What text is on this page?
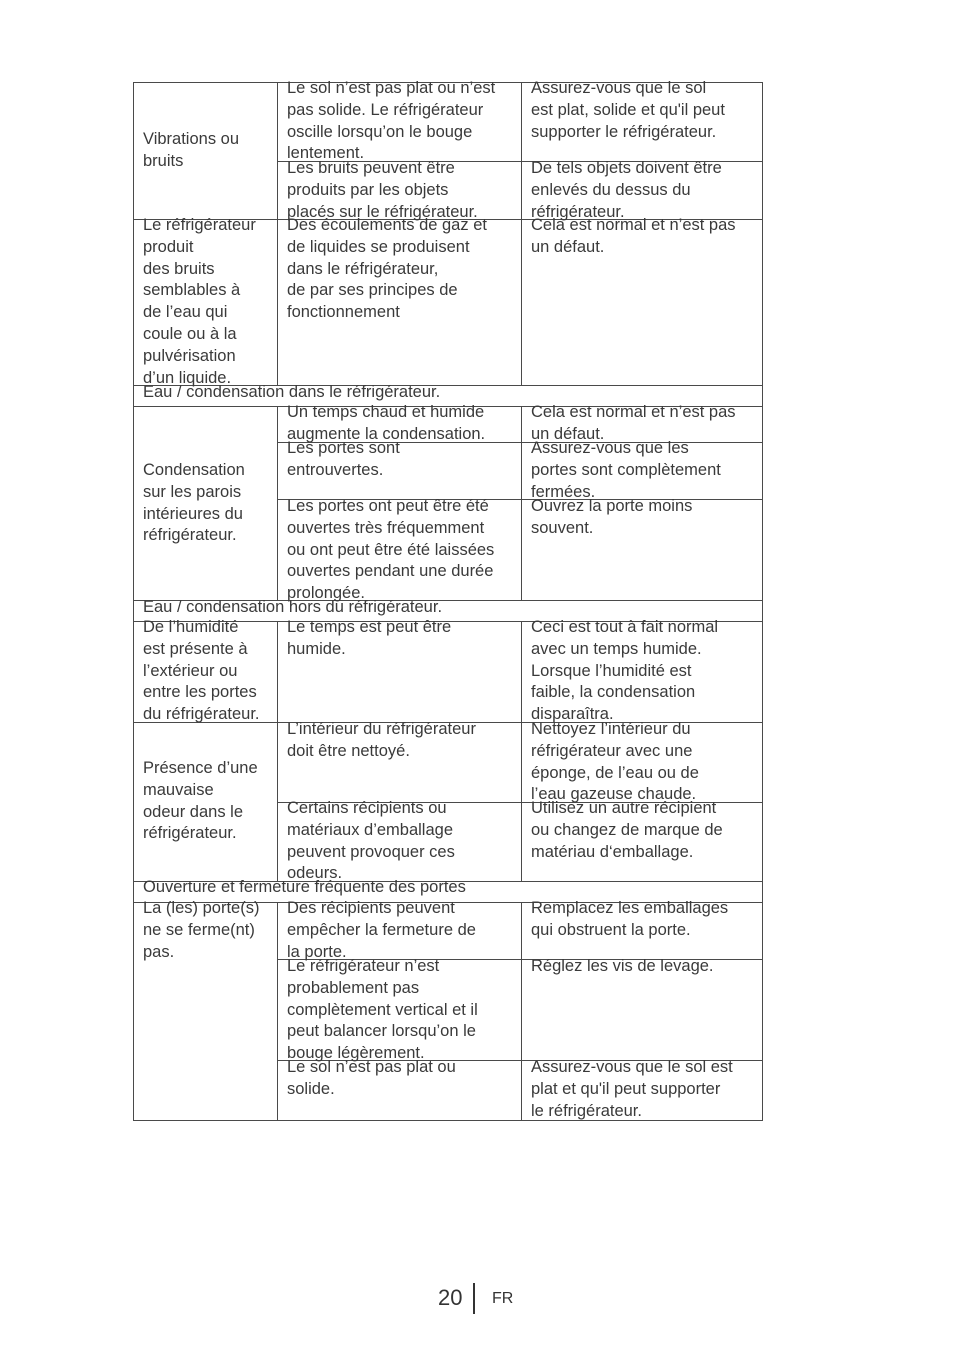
Vibrations ou
bruits
Le sol n’est pas plat ou n’est
pas solide. Le réfrigérateur
oscille lorsqu’on le bouge
lentement.
Assurez-vous que le sol
est plat, solide et qu'il peut
supporter le réfrigérateur.
Les bruits peuvent être
produits par les objets
placés sur le réfrigérateur.
De tels objets doivent être
enlevés du dessus du
réfrigérateur.
Le réfrigérateur
produit
des bruits
semblables à
de l’eau qui
coule ou à la
pulvérisation
d’un liquide.
Des écoulements de gaz et
de liquides se produisent
dans le réfrigérateur,
de par ses principes de
fonctionnement
Cela est normal et n’est pas
un défaut.
Eau / condensation dans le réfrigérateur.
Condensation
sur les parois
intérieures du
réfrigérateur.
Un temps chaud et humide
augmente la condensation.
Cela est normal et n’est pas
un défaut.
Les portes sont
entrouvertes.
Assurez-vous que les
portes sont complètement
fermées.
Les portes ont peut être été
ouvertes très fréquemment
ou ont peut être été laissées
ouvertes pendant une durée
prolongée.
Ouvrez la porte moins
souvent.
Eau / condensation hors du réfrigérateur.
De l’humidité
est présente à
l’extérieur ou
entre les portes
du réfrigérateur.
Le temps est peut être
humide.
Ceci est tout à fait normal
avec un temps humide.
Lorsque l’humidité est
faible, la condensation
disparaîtra.
Présence d’une
mauvaise
odeur dans le
réfrigérateur.
L’intérieur du réfrigérateur
doit être nettoyé.
Nettoyez l’intérieur du
réfrigérateur avec une
éponge, de l’eau ou de
l’eau gazeuse chaude.
Certains récipients ou
matériaux d’emballage
peuvent provoquer ces
odeurs.
Utilisez un autre récipient
ou changez de marque de
matériau d‘emballage.
Ouverture et fermeture fréquente des portes
La (les) porte(s)
ne se ferme(nt)
pas.
Des récipients peuvent
empêcher la fermeture de
la porte.
Remplacez les emballages
qui obstruent la porte.
Le réfrigérateur n’est
probablement pas
complètement vertical et il
peut balancer lorsqu’on le
bouge légèrement.
Réglez les vis de levage.
Le sol n’est pas plat ou
solide.
Assurez-vous que le sol est
plat et qu'il peut supporter
le réfrigérateur.
20 FR
